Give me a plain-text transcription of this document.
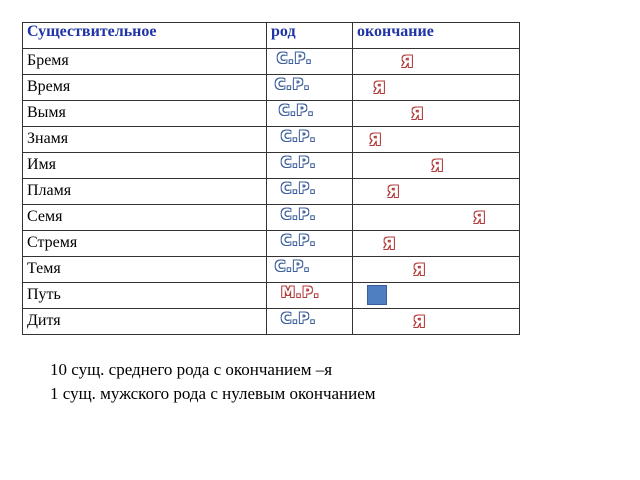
Существительное	род	окончание
Бремя	С.Р.	Я

Время	С.Р.	Я

Вымя	С.Р.	Я

Знамя	С.Р.	Я

Имя	С.Р.	Я

Пламя	С.Р.	Я

Семя	С.Р.	Я

Стремя	С.Р.	Я

Темя	С.Р.	Я

Путь	М.Р.	

Дитя	С.Р.	Я

10 сущ. среднего рода с окончанием –я

1 сущ. мужского рода с нулевым окончанием
